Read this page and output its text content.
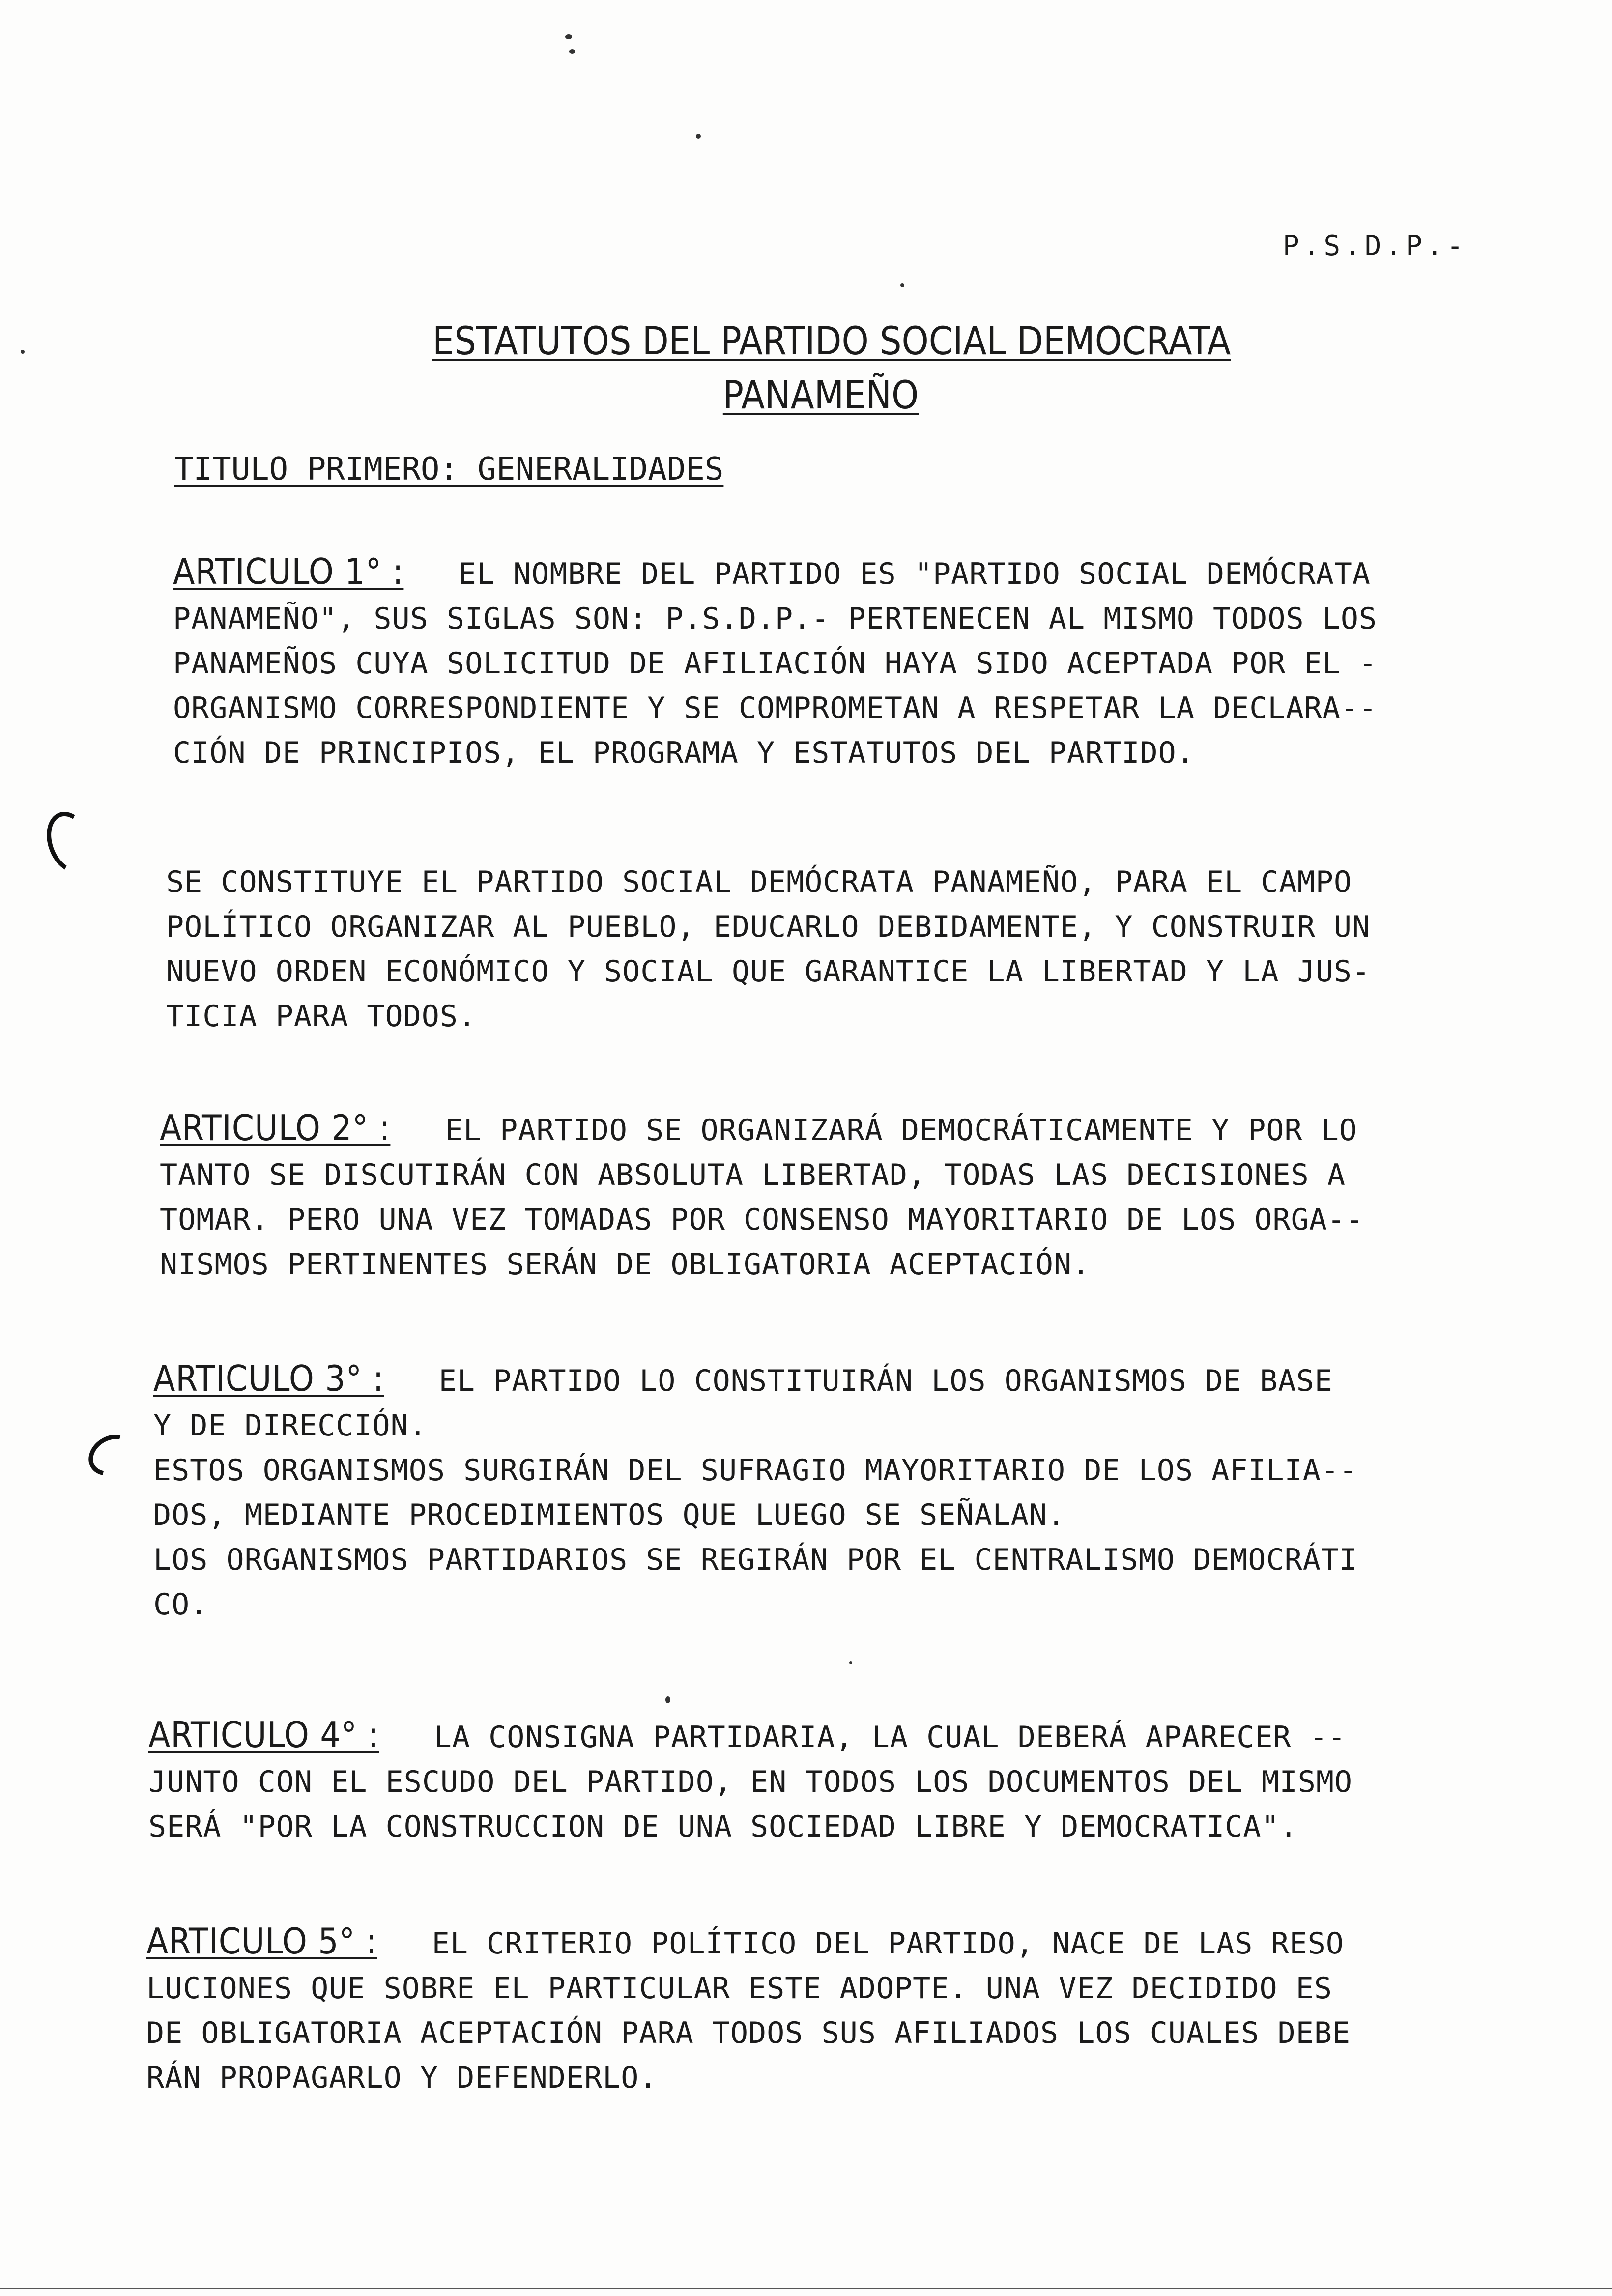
P.S.D.P.-
ESTATUTOS DEL PARTIDO SOCIAL DEMOCRATA
PANAMEÑO
TITULO PRIMERO: GENERALIDADES
ARTICULO 1° : EL NOMBRE DEL PARTIDO ES "PARTIDO SOCIAL DEMÓCRATA
PANAMEÑO", SUS SIGLAS SON: P.S.D.P.- PERTENECEN AL MISMO TODOS LOS
PANAMEÑOS CUYA SOLICITUD DE AFILIACIÓN HAYA SIDO ACEPTADA POR EL -
ORGANISMO CORRESPONDIENTE Y SE COMPROMETAN A RESPETAR LA DECLARA--
CIÓN DE PRINCIPIOS, EL PROGRAMA Y ESTATUTOS DEL PARTIDO.
SE CONSTITUYE EL PARTIDO SOCIAL DEMÓCRATA PANAMEÑO, PARA EL CAMPO
POLÍTICO ORGANIZAR AL PUEBLO, EDUCARLO DEBIDAMENTE, Y CONSTRUIR UN
NUEVO ORDEN ECONÓMICO Y SOCIAL QUE GARANTICE LA LIBERTAD Y LA JUS-
TICIA PARA TODOS.
ARTICULO 2° : EL PARTIDO SE ORGANIZARÁ DEMOCRÁTICAMENTE Y POR LO
TANTO SE DISCUTIRÁN CON ABSOLUTA LIBERTAD, TODAS LAS DECISIONES A
TOMAR. PERO UNA VEZ TOMADAS POR CONSENSO MAYORITARIO DE LOS ORGA--
NISMOS PERTINENTES SERÁN DE OBLIGATORIA ACEPTACIÓN.
ARTICULO 3° : EL PARTIDO LO CONSTITUIRÁN LOS ORGANISMOS DE BASE
Y DE DIRECCIÓN.
ESTOS ORGANISMOS SURGIRÁN DEL SUFRAGIO MAYORITARIO DE LOS AFILIA--
DOS, MEDIANTE PROCEDIMIENTOS QUE LUEGO SE SEÑALAN.
LOS ORGANISMOS PARTIDARIOS SE REGIRÁN POR EL CENTRALISMO DEMOCRÁTI
CO.
ARTICULO 4° : LA CONSIGNA PARTIDARIA, LA CUAL DEBERÁ APARECER --
JUNTO CON EL ESCUDO DEL PARTIDO, EN TODOS LOS DOCUMENTOS DEL MISMO
SERÁ "POR LA CONSTRUCCION DE UNA SOCIEDAD LIBRE Y DEMOCRATICA".
ARTICULO 5° : EL CRITERIO POLÍTICO DEL PARTIDO, NACE DE LAS RESO
LUCIONES QUE SOBRE EL PARTICULAR ESTE ADOPTE. UNA VEZ DECIDIDO ES
DE OBLIGATORIA ACEPTACIÓN PARA TODOS SUS AFILIADOS LOS CUALES DEBE
RÁN PROPAGARLO Y DEFENDERLO.
